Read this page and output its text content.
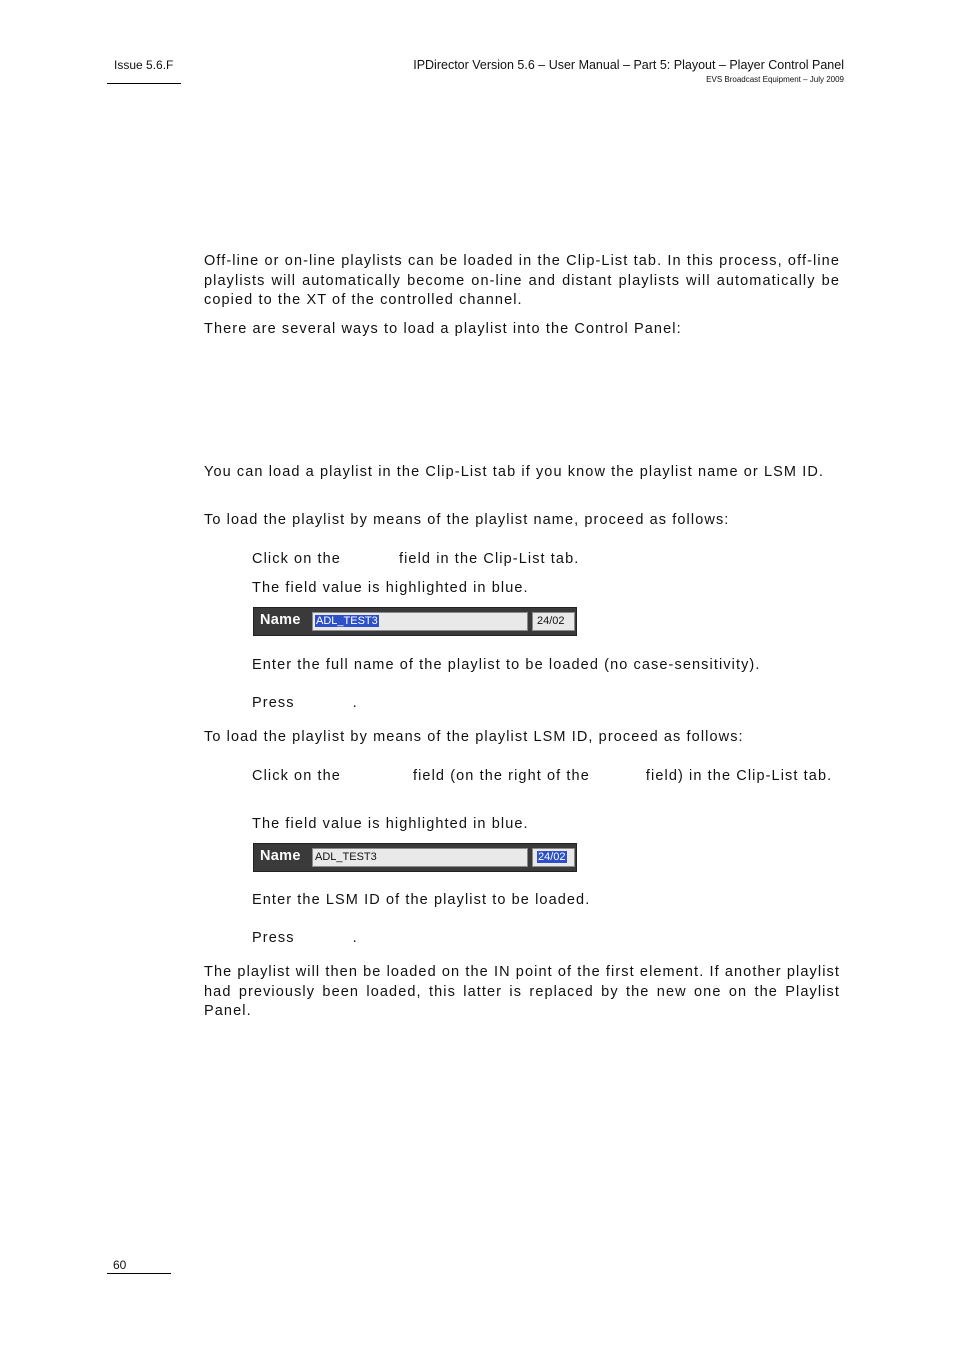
Issue 5.6.F	IPDirector Version 5.6 – User Manual – Part 5: Playout – Player Control Panel
EVS Broadcast Equipment – July 2009
Off-line or on-line playlists can be loaded in the Clip-List tab. In this process, off-line playlists will automatically become on-line and distant playlists will automatically be copied to the XT of the controlled channel.
There are several ways to load a playlist into the Control Panel:
You can load a playlist in the Clip-List tab if you know the playlist name or LSM ID.
To load the playlist by means of the playlist name, proceed as follows:
Click on the	field in the Clip-List tab.
The field value is highlighted in blue.
Name	ADL_TEST3	24/02
Enter the full name of the playlist to be loaded (no case-sensitivity).
Press	.
To load the playlist by means of the playlist LSM ID, proceed as follows:
Click on the	field (on the right of the	field) in the Clip-List tab.
The field value is highlighted in blue.
Name ADL_TEST3	24/02
Enter the LSM ID of the playlist to be loaded.
Press	.
The playlist will then be loaded on the IN point of the first element. If another playlist had previously been loaded, this latter is replaced by the new one on the Playlist Panel.
60
